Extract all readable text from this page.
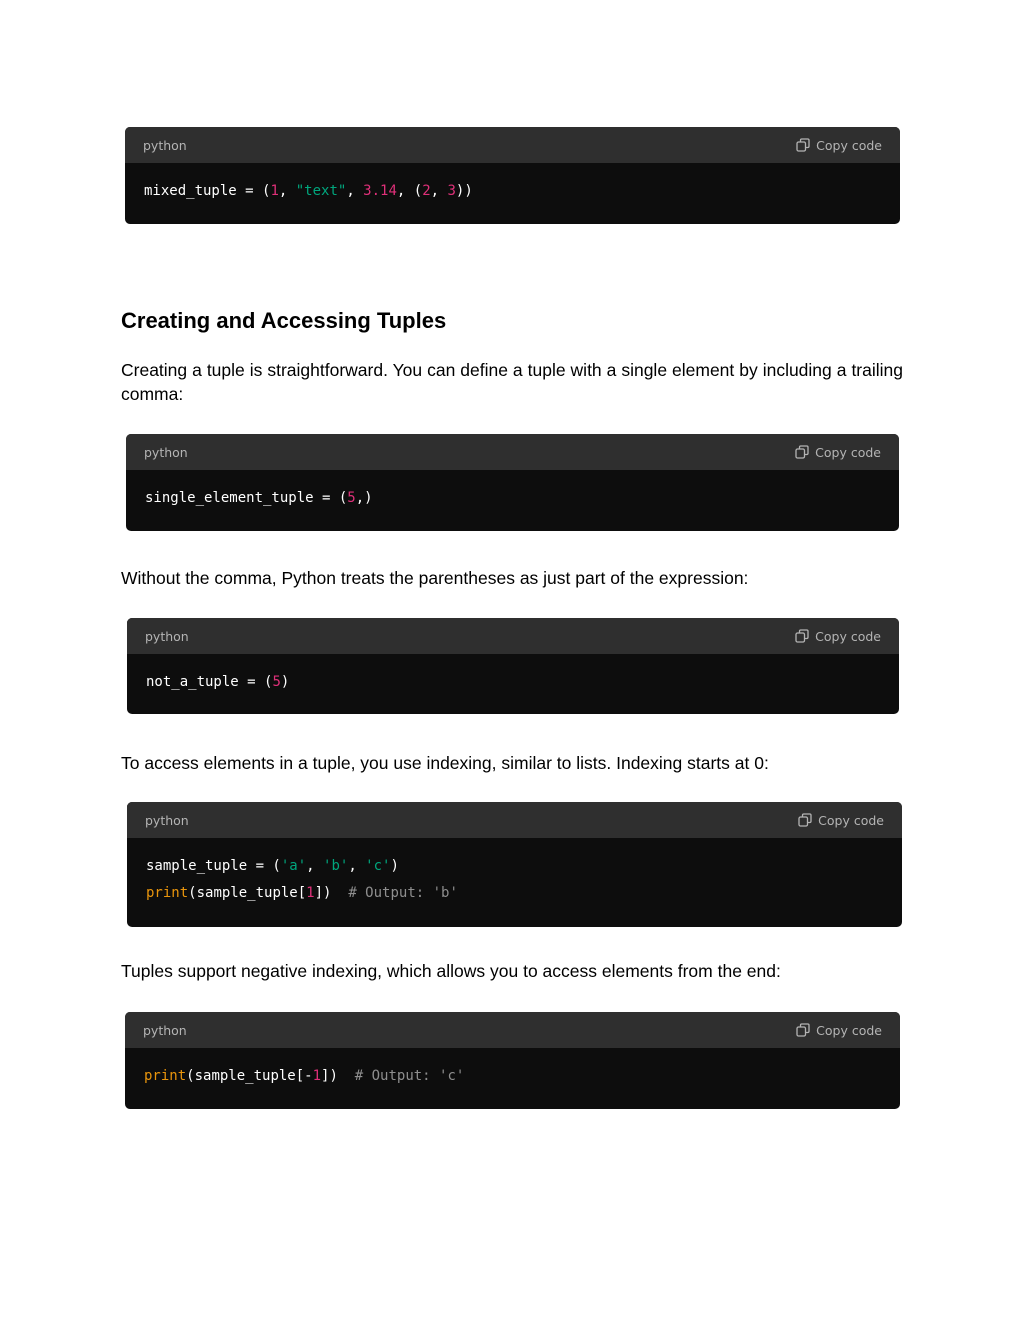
python	Copy code
mixed_tuple = (1, "text", 3.14, (2, 3))
Creating and Accessing Tuples

Creating a tuple is straightforward. You can define a tuple with a single element by including a trailing comma:

python	Copy code
single_element_tuple = (5,)

Without the comma, Python treats the parentheses as just part of the expression:

python	Copy code
not_a_tuple = (5)

To access elements in a tuple, you use indexing, similar to lists. Indexing starts at 0:

python	Copy code
sample_tuple = ('a', 'b', 'c')
print(sample_tuple[1])  # Output: 'b'

Tuples support negative indexing, which allows you to access elements from the end:

python	Copy code
print(sample_tuple[-1])  # Output: 'c'
